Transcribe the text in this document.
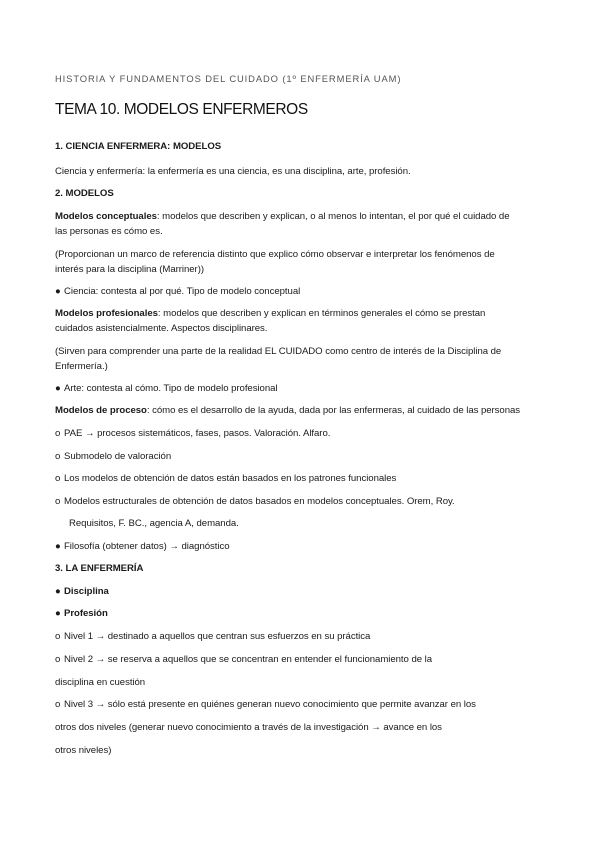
HISTORIA Y FUNDAMENTOS DEL CUIDADO (1º ENFERMERÍA UAM)
TEMA 10. MODELOS ENFERMEROS
1. CIENCIA ENFERMERA: MODELOS
Ciencia y enfermería: la enfermería es una ciencia, es una disciplina, arte, profesión.
2. MODELOS
Modelos conceptuales: modelos que describen y explican, o al menos lo intentan, el por qué el cuidado de
las personas es cómo es.
(Proporcionan un marco de referencia distinto que explico cómo observar e interpretar los fenómenos de
interés para la disciplina (Marriner))
● Ciencia: contesta al por qué. Tipo de modelo conceptual
Modelos profesionales: modelos que describen y explican en términos generales el cómo se prestan
cuidados asistencialmente. Aspectos disciplinares.
(Sirven para comprender una parte de la realidad EL CUIDADO como centro de interés de la Disciplina de
Enfermería.)
● Arte: contesta al cómo. Tipo de modelo profesional
Modelos de proceso: cómo es el desarrollo de la ayuda, dada por las enfermeras, al cuidado de las personas
o PAE → procesos sistemáticos, fases, pasos. Valoración. Alfaro.
o Submodelo de valoración
o Los modelos de obtención de datos están basados en los patrones funcionales
o Modelos estructurales de obtención de datos basados en modelos conceptuales. Orem, Roy.
Requisitos, F. BC., agencia A, demanda.
● Filosofía (obtener datos) → diagnóstico
3. LA ENFERMERÍA
● Disciplina
● Profesión
o Nivel 1 → destinado a aquellos que centran sus esfuerzos en su práctica
o Nivel 2 → se reserva a aquellos que se concentran en entender el funcionamiento de la
disciplina en cuestión
o Nivel 3 → sólo está presente en quiénes generan nuevo conocimiento que permite avanzar en los
otros dos niveles (generar nuevo conocimiento a través de la investigación → avance en los
otros niveles)
